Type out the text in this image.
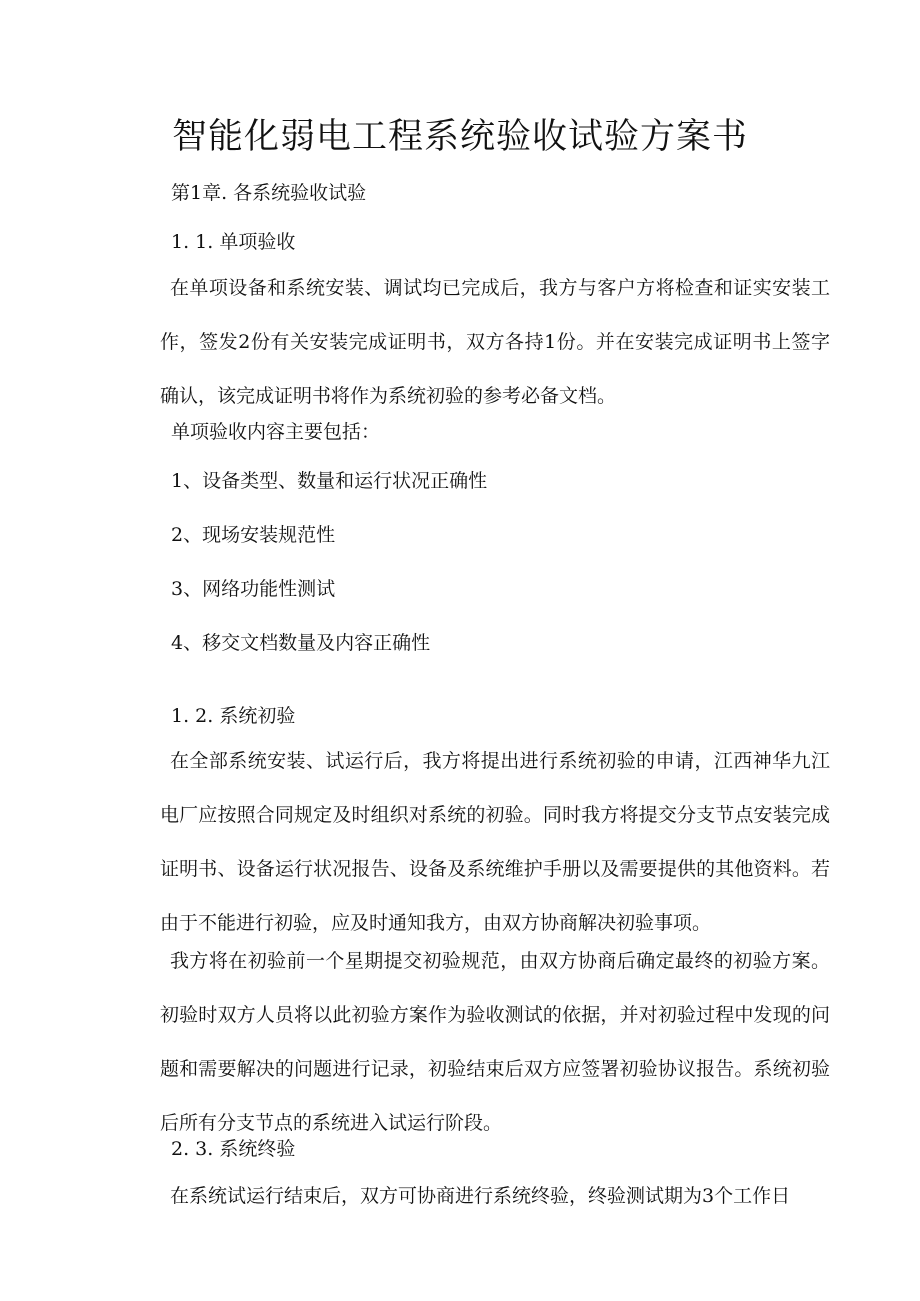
智能化弱电工程系统验收试验方案书
第1章. 各系统验收试验
1. 1. 单项验收
在单项设备和系统安装、调试均已完成后，我方与客户方将检查和证实安装工作，签发2份有关安装完成证明书，双方各持1份。并在安装完成证明书上签字确认，该完成证明书将作为系统初验的参考必备文档。
单项验收内容主要包括：
1、设备类型、数量和运行状况正确性
2、现场安装规范性
3、网络功能性测试
4、移交文档数量及内容正确性
1. 2. 系统初验
在全部系统安装、试运行后，我方将提出进行系统初验的申请，江西神华九江电厂应按照合同规定及时组织对系统的初验。同时我方将提交分支节点安装完成证明书、设备运行状况报告、设备及系统维护手册以及需要提供的其他资料。若由于不能进行初验，应及时通知我方，由双方协商解决初验事项。
我方将在初验前一个星期提交初验规范，由双方协商后确定最终的初验方案。初验时双方人员将以此初验方案作为验收测试的依据，并对初验过程中发现的问题和需要解决的问题进行记录，初验结束后双方应签署初验协议报告。系统初验后所有分支节点的系统进入试运行阶段。
2. 3. 系统终验
在系统试运行结束后，双方可协商进行系统终验，终验测试期为3个工作日
